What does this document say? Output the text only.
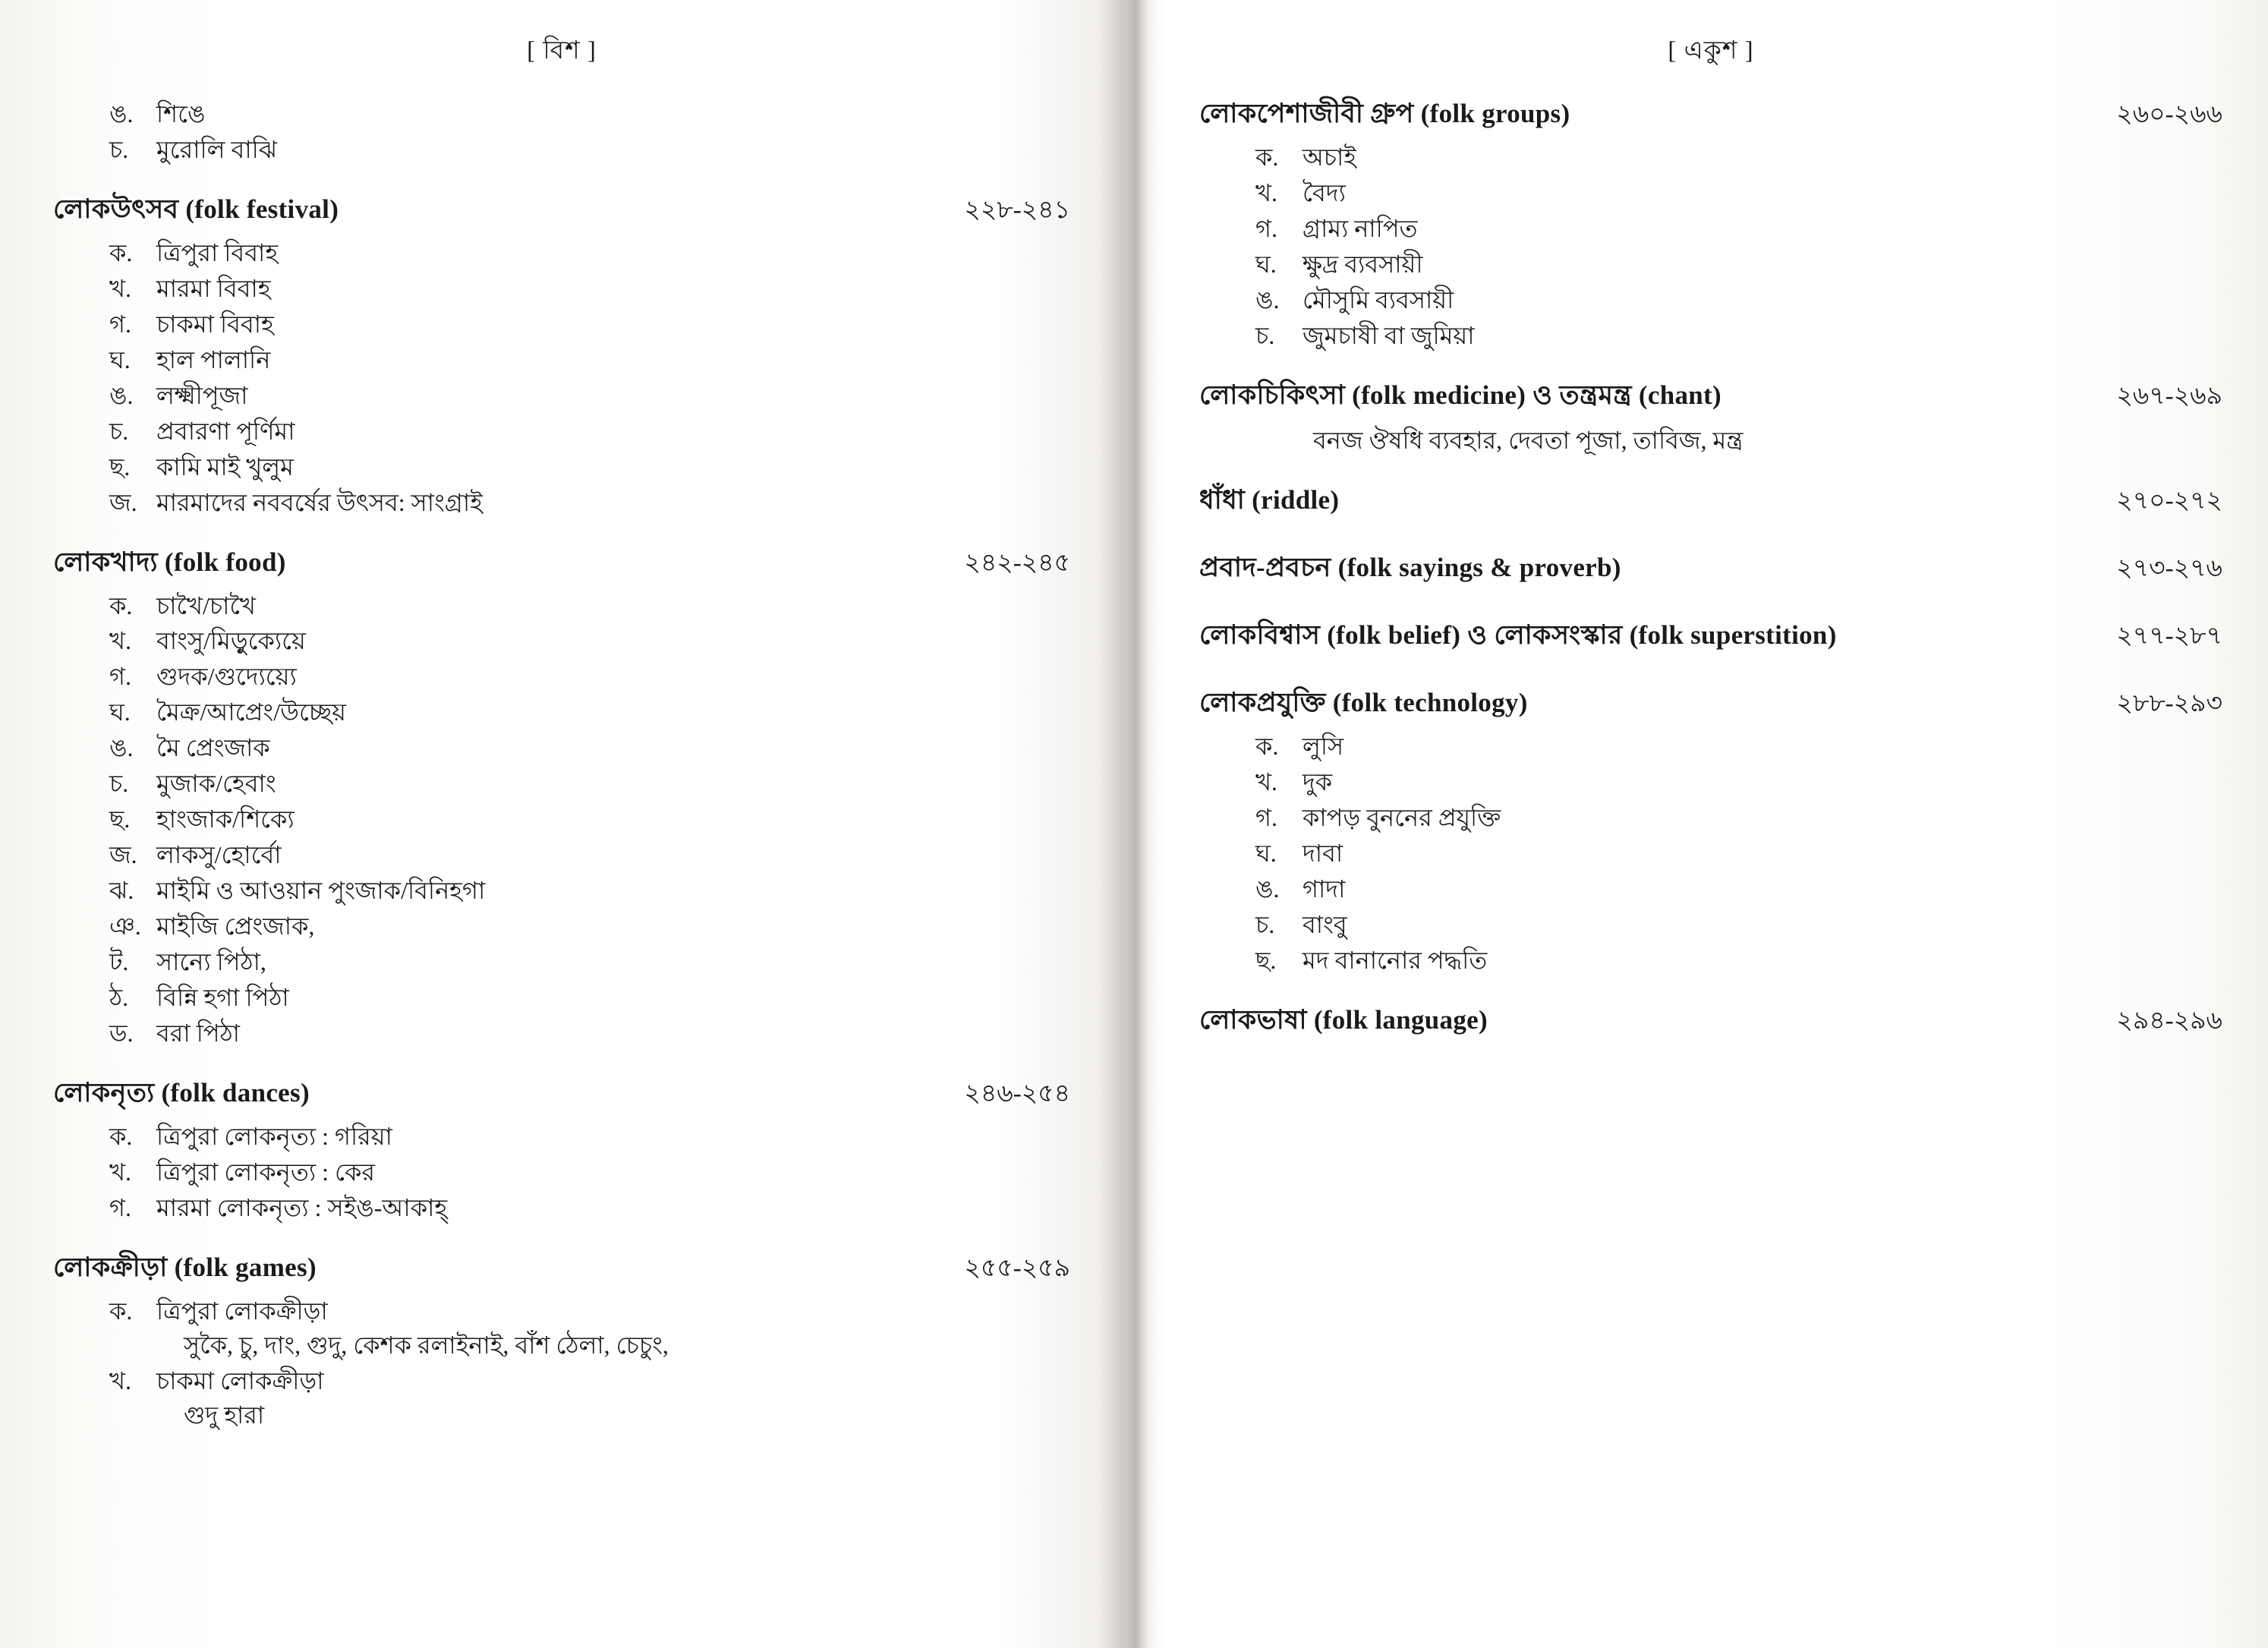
[ বিশ ]
ঙ. শিঙে
চ.	মুরোলি বাঝি
লোকউৎসব (folk festival)	২২৮-২৪১
ক. ত্রিপুরা বিবাহ
খ.	মারমা বিবাহ
গ.	চাকমা বিবাহ
ঘ.	হাল পালানি
ঙ. লক্ষ্মীপূজা
চ.	প্রবারণা পূর্ণিমা
ছ.	কামি মাই খুলুম
জ. মারমাদের নববর্ষের উৎসব: সাংগ্রাই
লোকখাদ্য (folk food)	২৪২-২৪৫
ক. চাখৈ/চাখৈ
খ.	বাংসু/মিড়ুক্যেয়ে
গ.	গুদক/গুদ্যেয়্যে
ঘ.	মৈক্র/আপ্রেং/উচ্ছেয়
ঙ. মৈ প্রেংজাক
চ.	মুজাক/হেবাং
ছ.	হাংজাক/শিক্যে
জ. লাকসু/হোর্বো
ঝ. মাইমি ও আওয়ান পুংজাক/বিনিহগা
ঞ. মাইজি প্রেংজাক,
ট.	সান্যে পিঠা,
ঠ.	বিন্নি হগা পিঠা
ড. বরা পিঠা
লোকনৃত্য (folk dances)	২৪৬-২৫৪
ক. ত্রিপুরা লোকনৃত্য : গরিয়া
খ.	ত্রিপুরা লোকনৃত্য : কের
গ.	মারমা লোকনৃত্য : সইঙ-আকাহ্
লোকক্রীড়া (folk games)	২৫৫-২৫৯
ক. ত্রিপুরা লোকক্রীড়া
সুকৈ, চু, দাং, গুদু, কেশক রলাইনাই, বাঁশ ঠেলা, চেচুং,
খ.	চাকমা লোকক্রীড়া
গুদু হারা
[ একুশ ]
লোকপেশাজীবী গ্রুপ (folk groups)	২৬০-২৬৬
ক. অচাই
খ.	বৈদ্য
গ.	গ্রাম্য নাপিত
ঘ.	ক্ষুদ্র ব্যবসায়ী
ঙ. মৌসুমি ব্যবসায়ী
চ.	জুমচাষী বা জুমিয়া
লোকচিকিৎসা (folk medicine) ও তন্ত্রমন্ত্র (chant)	২৬৭-২৬৯
বনজ ঔষধি ব্যবহার, দেবতা পূজা, তাবিজ, মন্ত্র
ধাঁধা (riddle)	২৭০-২৭২
প্রবাদ-প্রবচন (folk sayings & proverb)	২৭৩-২৭৬
লোকবিশ্বাস (folk belief) ও লোকসংস্কার (folk superstition)	২৭৭-২৮৭
লোকপ্রযুক্তি (folk technology)	২৮৮-২৯৩
ক. লুসি
খ.	দুক
গ.	কাপড় বুননের প্রযুক্তি
ঘ.	দাবা
ঙ. গাদা
চ.	বাংবু
ছ.	মদ বানানোর পদ্ধতি
লোকভাষা (folk language)	২৯৪-২৯৬
